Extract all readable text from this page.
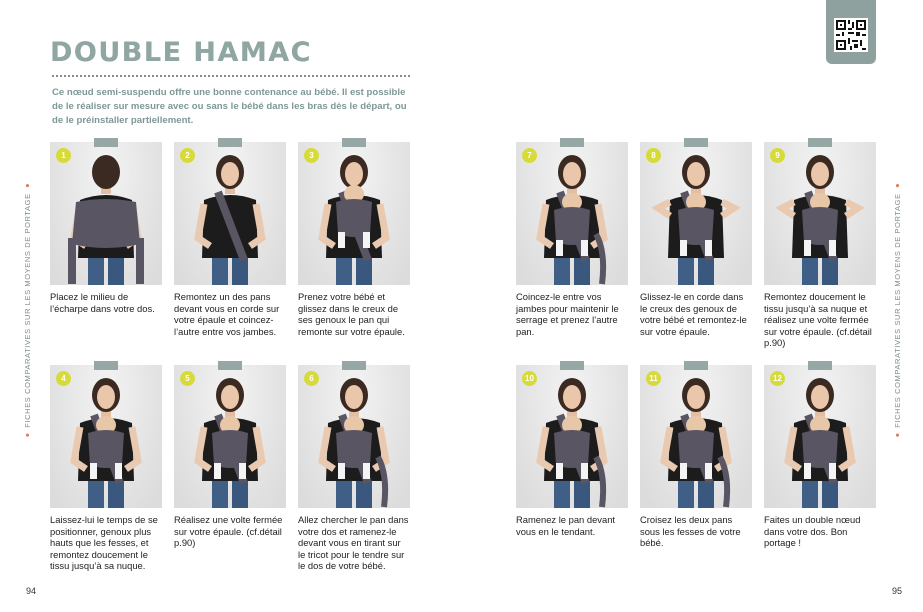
DOUBLE HAMAC
Ce nœud semi-suspendu offre une bonne contenance au bébé. Il est possible de le réaliser sur mesure avec ou sans le bébé dans les bras dès le départ, ou de le préinstaller partiellement.
● FICHES COMPARATIVES SUR LES MOYENS DE PORTAGE ●
● FICHES COMPARATIVES SUR LES MOYENS DE PORTAGE ●
94	95
1
Placez le milieu de l’écharpe dans votre dos.
2
Remontez un des pans devant vous en corde sur votre épaule et coincez-l’autre entre vos jambes.
3
Prenez votre bébé et glissez dans le creux de ses genoux le pan qui remonte sur votre épaule.
4
Laissez-lui le temps de se positionner, genoux plus hauts que les fesses, et remontez doucement le tissu jusqu’à sa nuque.
5
Réalisez une volte fermée sur votre épaule. (cf.détail p.90)
6
Allez chercher le pan dans votre dos et ramenez-le devant vous en tirant sur le tricot pour le tendre sur le dos de votre bébé.
7
Coincez-le entre vos jambes pour maintenir le serrage et prenez l’autre pan.
8
Glissez-le en corde dans le creux des genoux de votre bébé et remontez-le sur votre épaule.
9
Remontez doucement le tissu jusqu’à sa nuque et réalisez une volte fermée sur votre épaule. (cf.détail p.90)
10
Ramenez le pan devant vous en le tendant.
11
Croisez les deux pans sous les fesses de votre bébé.
12
Faites un double nœud dans votre dos. Bon portage !
